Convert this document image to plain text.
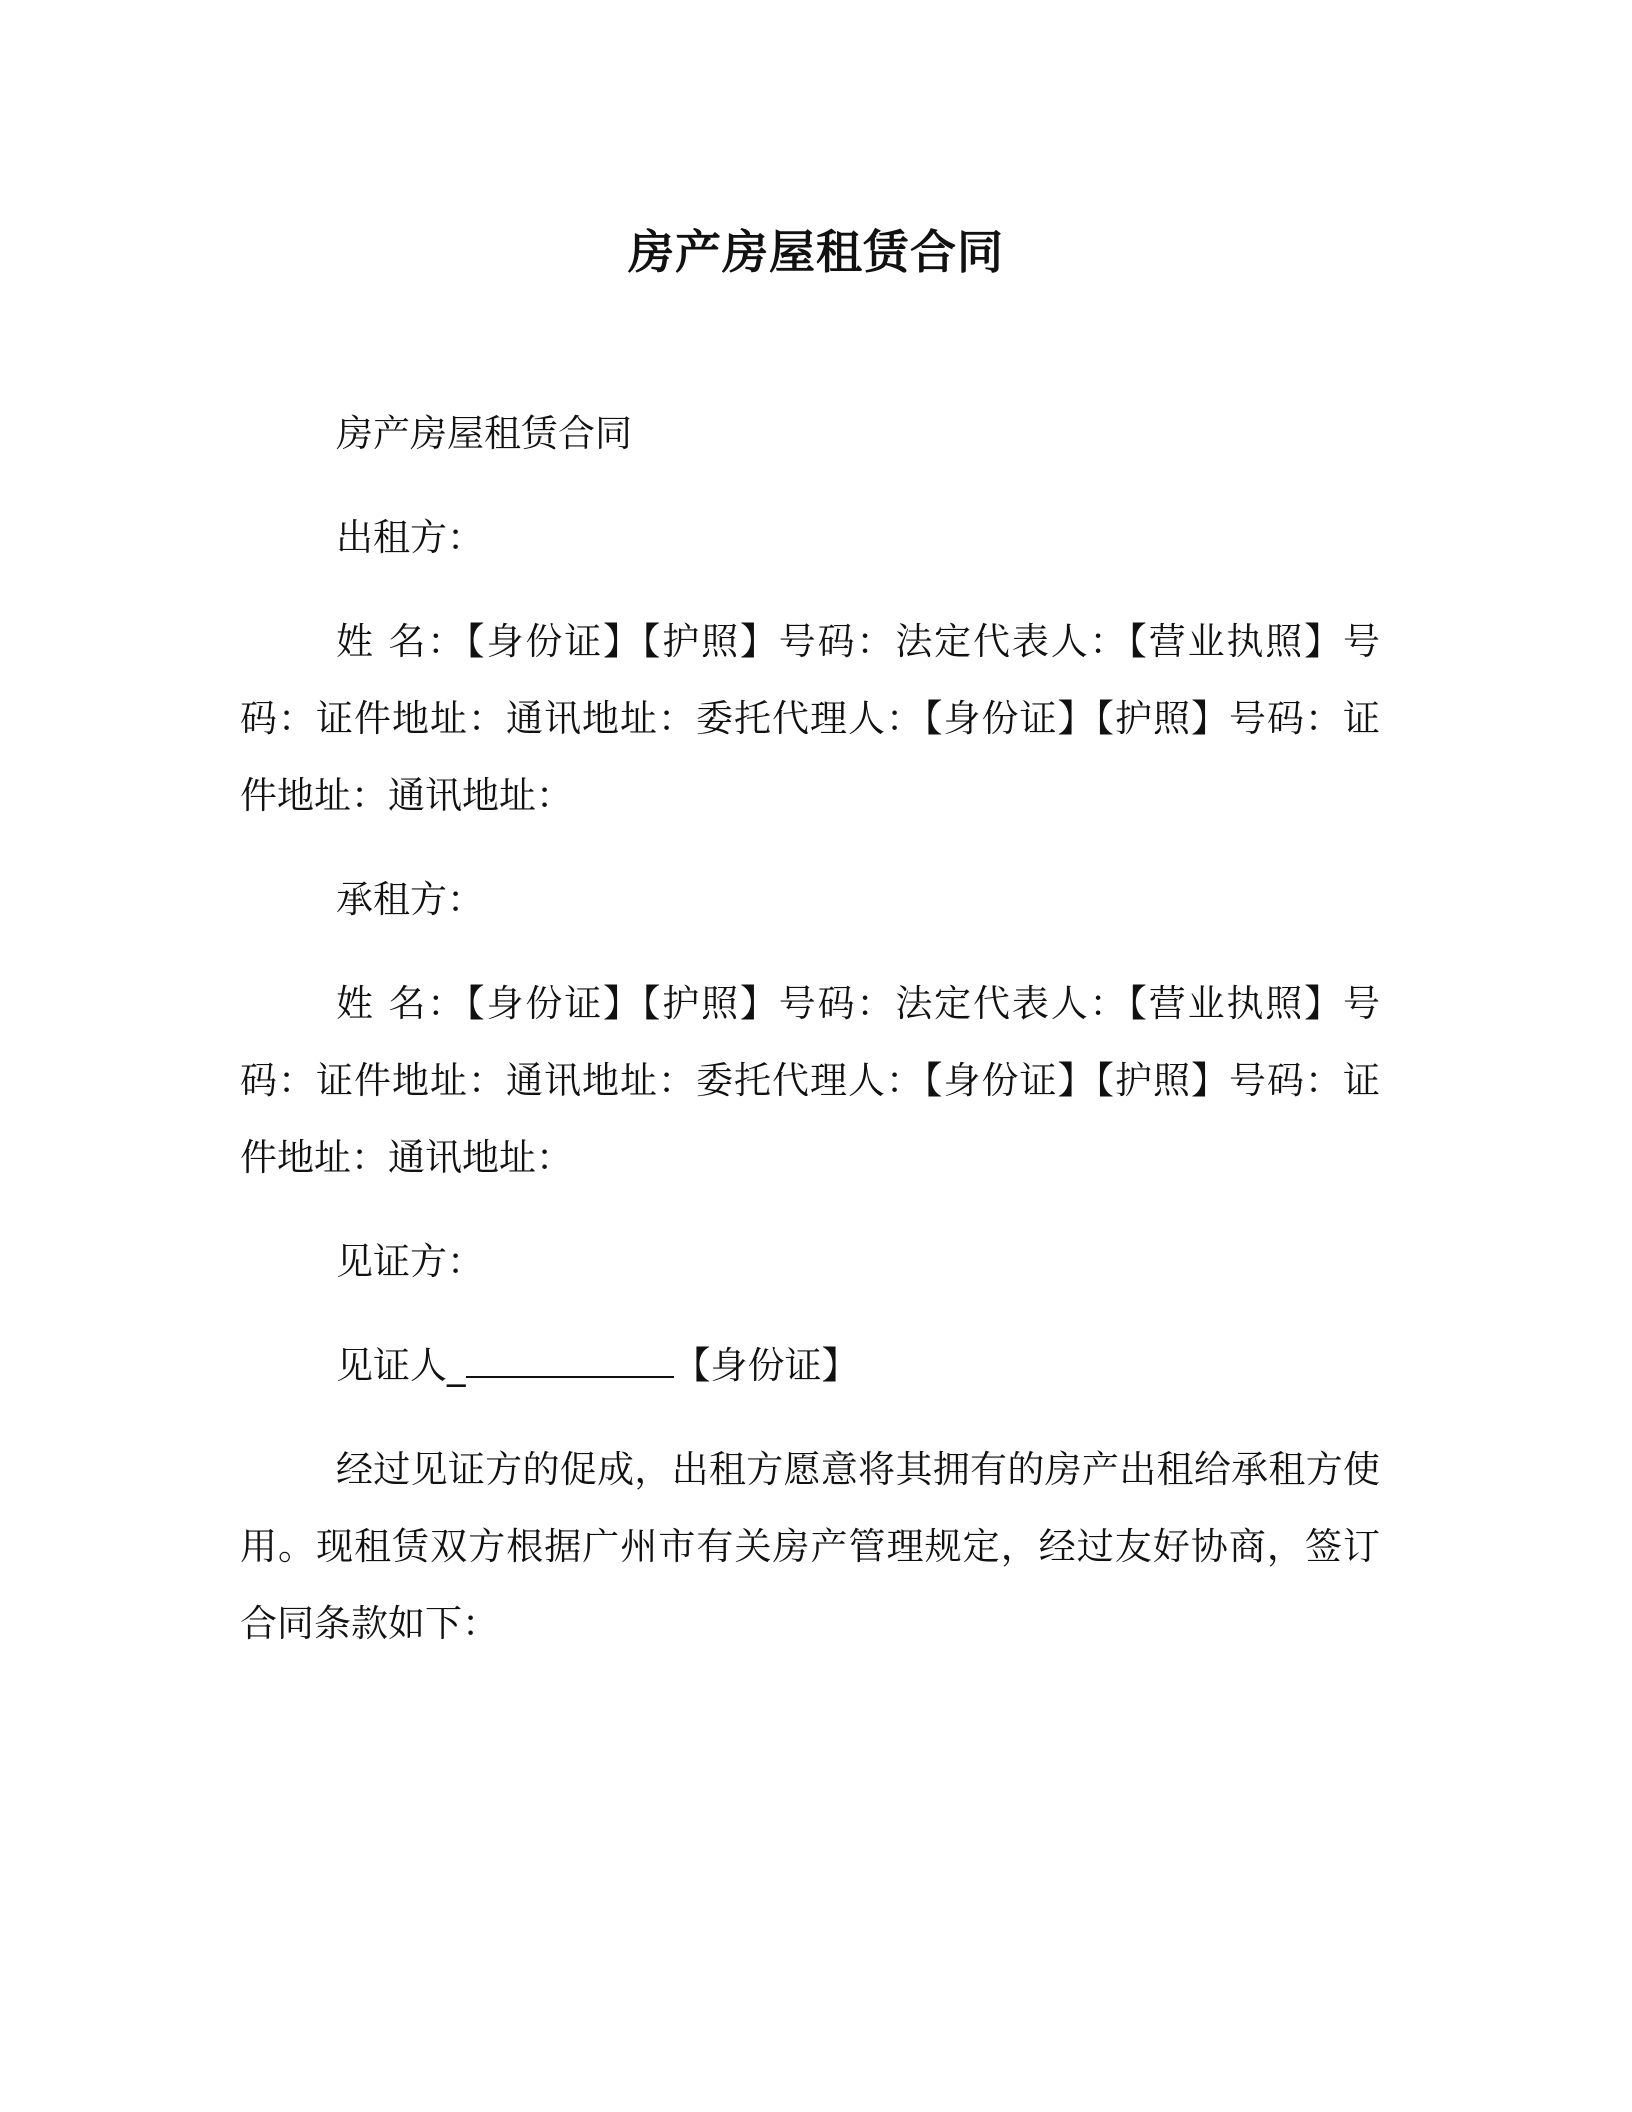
房产房屋租赁合同

房产房屋租赁合同

出租方：

姓 名：【身份证】【护照】号码：法定代表人：【营业执照】号码：证件地址：通讯地址：委托代理人：【身份证】【护照】号码：证件地址：通讯地址：

承租方：

姓 名：【身份证】【护照】号码：法定代表人：【营业执照】号码：证件地址：通讯地址：委托代理人：【身份证】【护照】号码：证件地址：通讯地址：

见证方：

见证人_	【身份证】

经过见证方的促成，出租方愿意将其拥有的房产出租给承租方使用。现租赁双方根据广州市有关房产管理规定，经过友好协商，签订合同条款如下：
